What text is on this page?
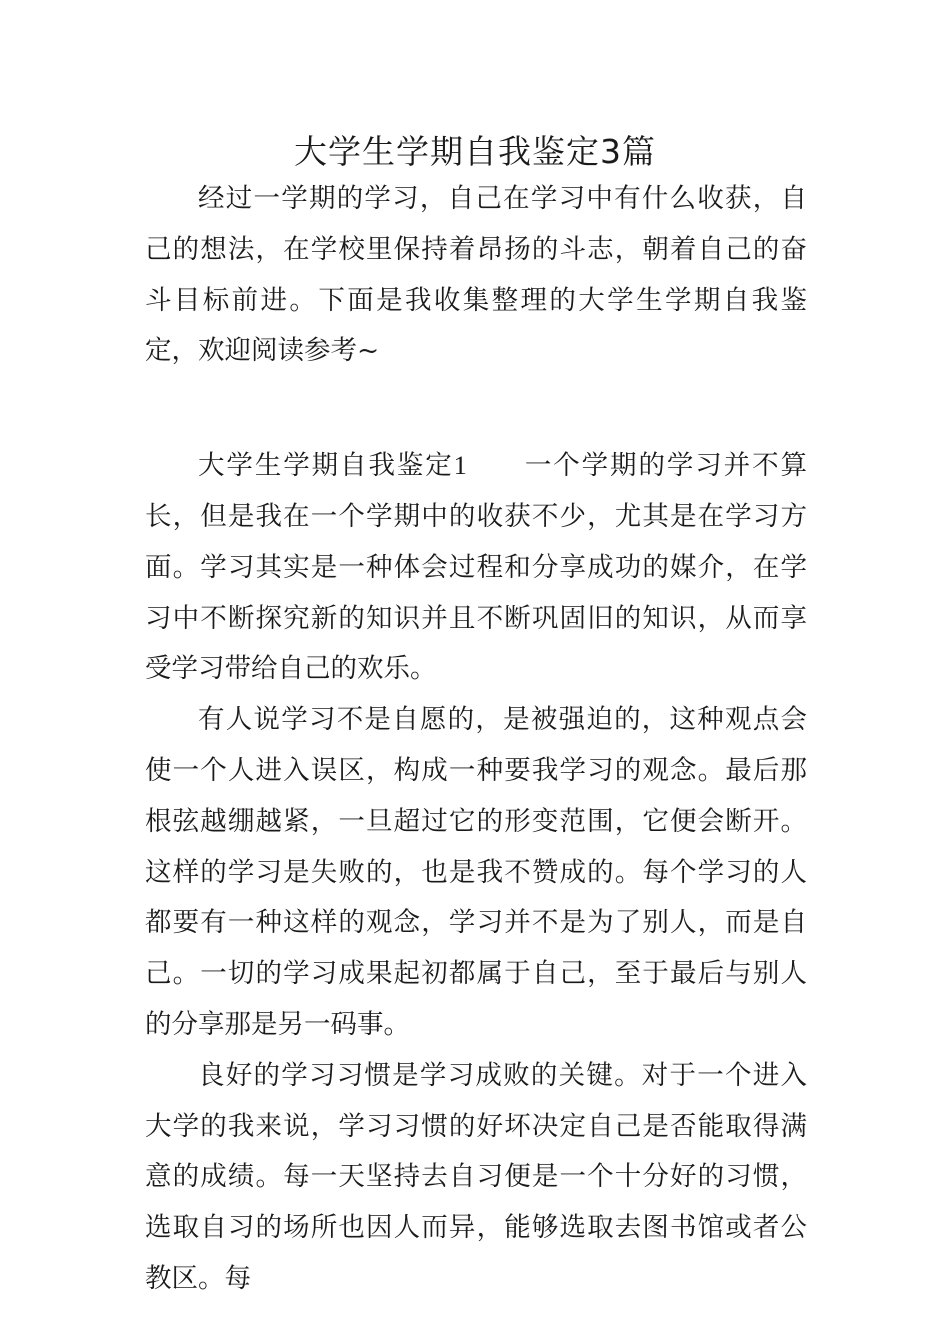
大学生学期自我鉴定3篇

经过一学期的学习，自己在学习中有什么收获，自己的想法，在学校里保持着昂扬的斗志，朝着自己的奋斗目标前进。下面是我收集整理的大学生学期自我鉴定，欢迎阅读参考~

大学生学期自我鉴定1 一个学期的学习并不算长，但是我在一个学期中的收获不少，尤其是在学习方面。学习其实是一种体会过程和分享成功的媒介，在学习中不断探究新的知识并且不断巩固旧的知识，从而享受学习带给自己的欢乐。

有人说学习不是自愿的，是被强迫的，这种观点会使一个人进入误区，构成一种要我学习的观念。最后那根弦越绷越紧，一旦超过它的形变范围，它便会断开。这样的学习是失败的，也是我不赞成的。每个学习的人都要有一种这样的观念，学习并不是为了别人，而是自己。一切的学习成果起初都属于自己，至于最后与别人的分享那是另一码事。

良好的学习习惯是学习成败的关键。对于一个进入大学的我来说，学习习惯的好坏决定自己是否能取得满意的成绩。每一天坚持去自习便是一个十分好的习惯，选取自习的场所也因人而异，能够选取去图书馆或者公教区。每
